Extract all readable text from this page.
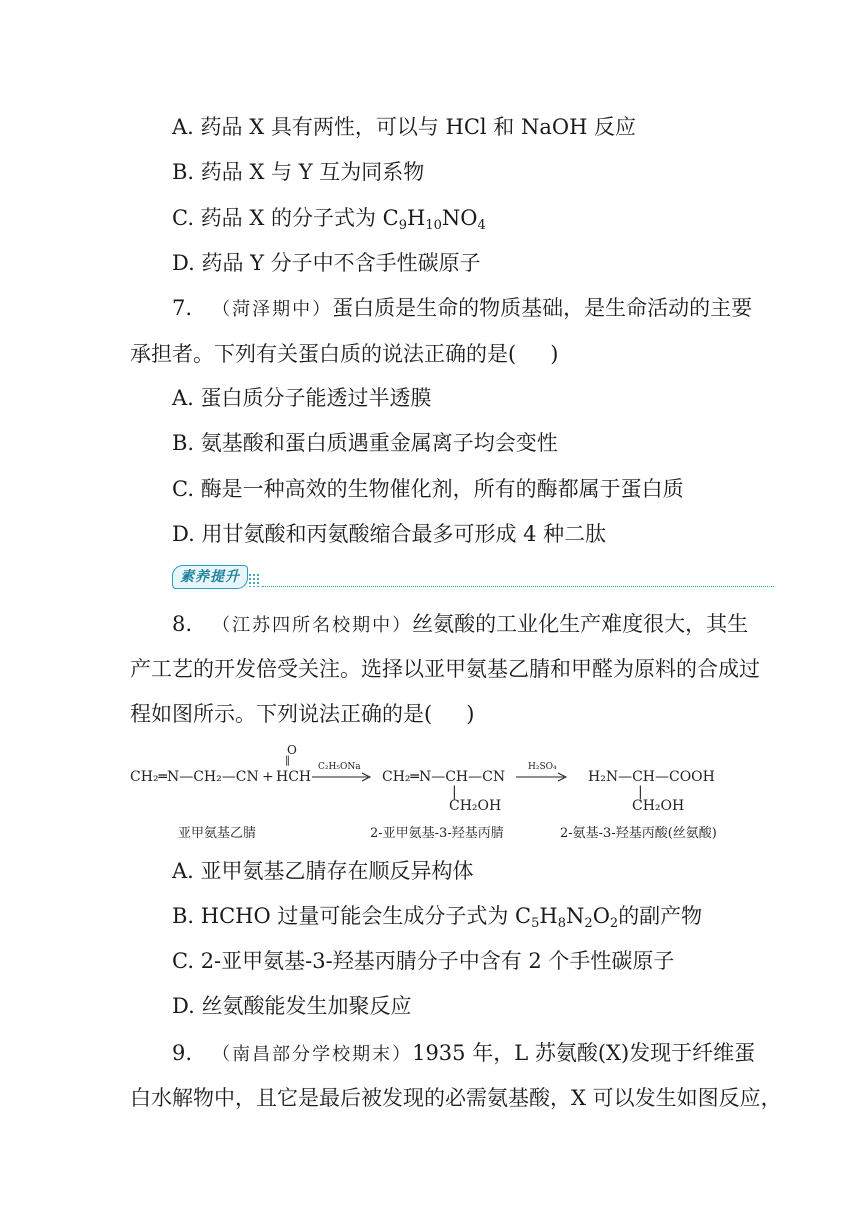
A. 药品 X 具有两性，可以与 HCl 和 NaOH 反应
B. 药品 X 与 Y 互为同系物
C. 药品 X 的分子式为 $C_9H_{10}NO_4$
D. 药品 Y 分子中不含手性碳原子
7. （菏泽期中）蛋白质是生命的物质基础，是生命活动的主要
承担者。下列有关蛋白质的说法正确的是( )
A. 蛋白质分子能透过半透膜
B. 氨基酸和蛋白质遇重金属离子均会变性
C. 酶是一种高效的生物催化剂，所有的酶都属于蛋白质
D. 用甘氨酸和丙氨酸缩合最多可形成 4 种二肽
素养提升
8. （江苏四所名校期中）丝氨酸的工业化生产难度很大，其生
产工艺的开发倍受关注。选择以亚甲氨基乙腈和甲醛为原料的合成过
程如图所示。下列说法正确的是( )
CH₂═N—CH₂—CN +
O
‖
HCH
C₂H₅ONa
→ CH₂═N—CH—CN
|
CH₂OH
H₂SO₄
→ H₂N—CH—COOH
|
CH₂OH
亚甲氨基乙腈	2-亚甲氨基-3-羟基丙腈	2-氨基-3-羟基丙酸(丝氨酸)
A. 亚甲氨基乙腈存在顺反异构体
B. HCHO 过量可能会生成分子式为 $C_5H_8N_2O_2$的副产物
C. 2-亚甲氨基-3-羟基丙腈分子中含有 2 个手性碳原子
D. 丝氨酸能发生加聚反应
9. （南昌部分学校期末）1935 年，L 苏氨酸(X)发现于纤维蛋
白水解物中，且它是最后被发现的必需氨基酸，X 可以发生如图反应，
